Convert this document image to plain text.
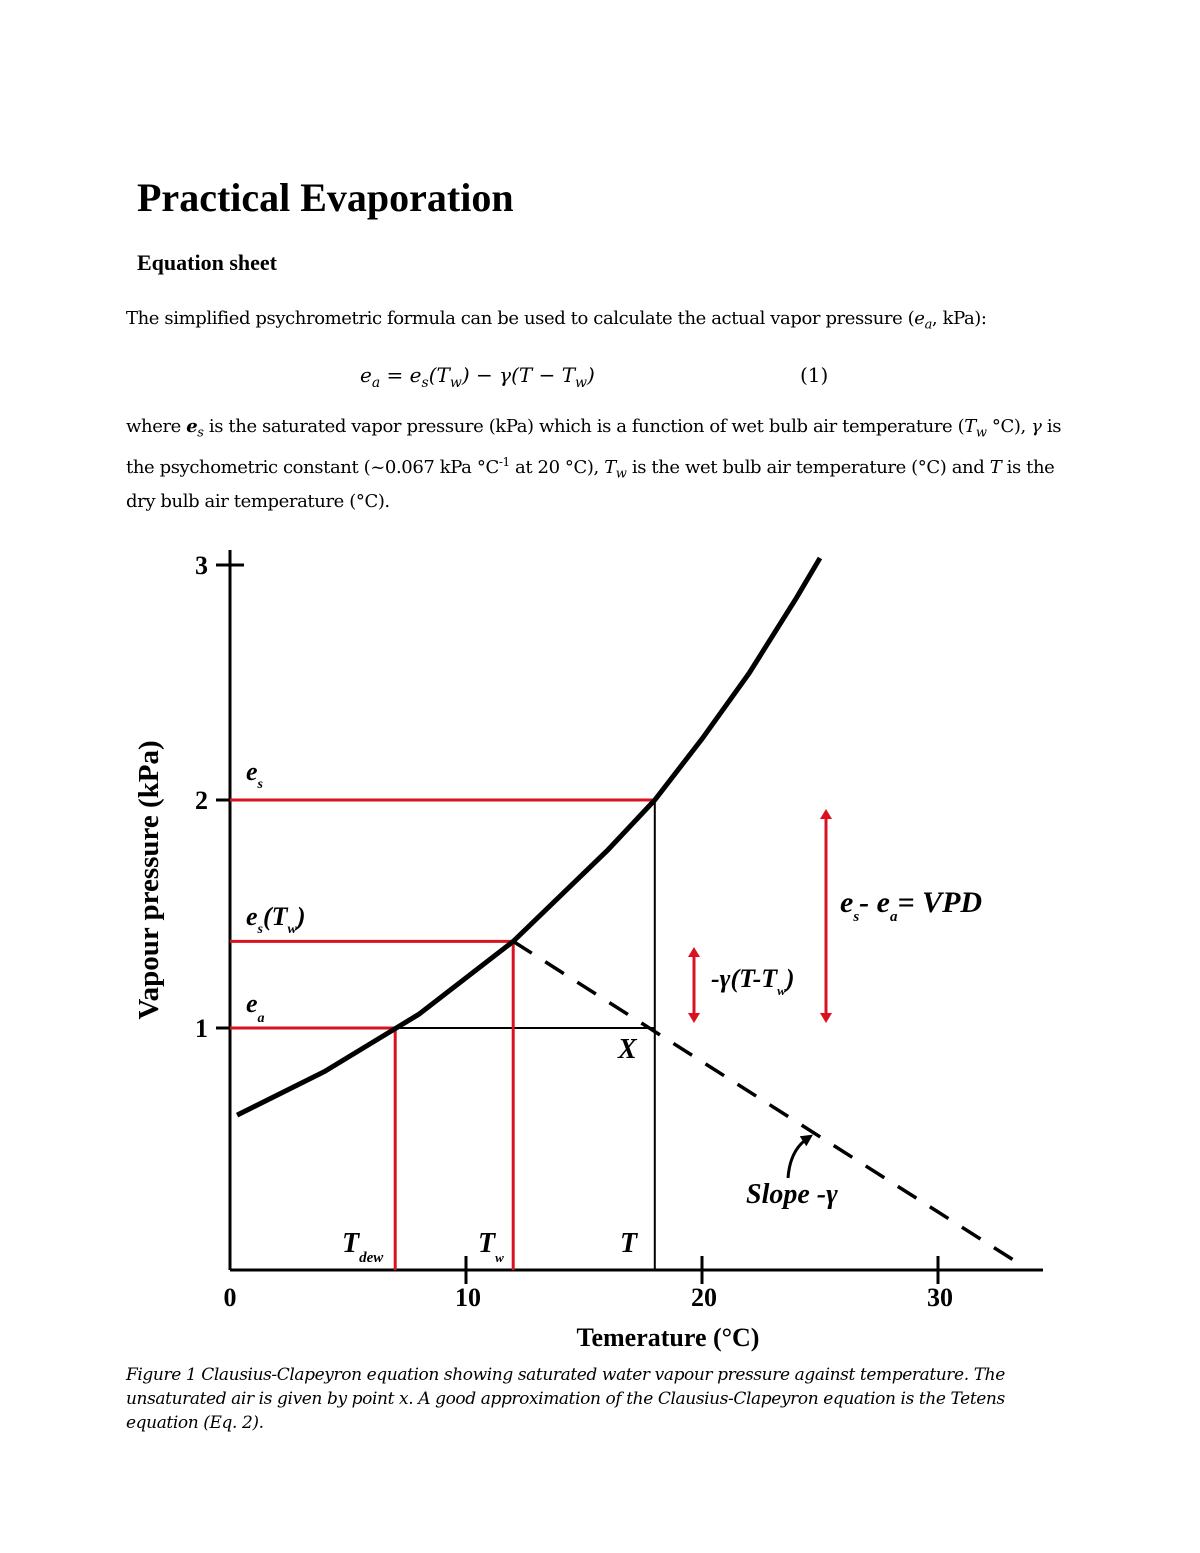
Practical Evaporation
Equation sheet

The simplified psychrometric formula can be used to calculate the actual vapor pressure ($e_a$, kPa):

$e_a = e_s(T_w) - \gamma(T - T_w)$	(1)

where $e_s$ is the saturated vapor pressure (kPa) which is a function of wet bulb air temperature ($T_w$ °C), γ is the psychometric constant (~0.067 kPa $^\circ C^{-1}$ at 20 °C), $T_w$ is the wet bulb air temperature (°C) and T is the dry bulb air temperature (°C).

1
2
3
0	10	20	30
Vapour pressure (kPa)
Temerature (°C)
$e_s$
$e_s(T_w)$
$e_a$
$T_{dew}$	$T_w$	T
X
$-\gamma(T-T_w)$
$e_s-$ $e_a=$ VPD
Slope -γ

Figure 1 Clausius-Clapeyron equation showing saturated water vapour pressure against temperature. The unsaturated air is given by point x. A good approximation of the Clausius-Clapeyron equation is the Tetens equation (Eq. 2).
